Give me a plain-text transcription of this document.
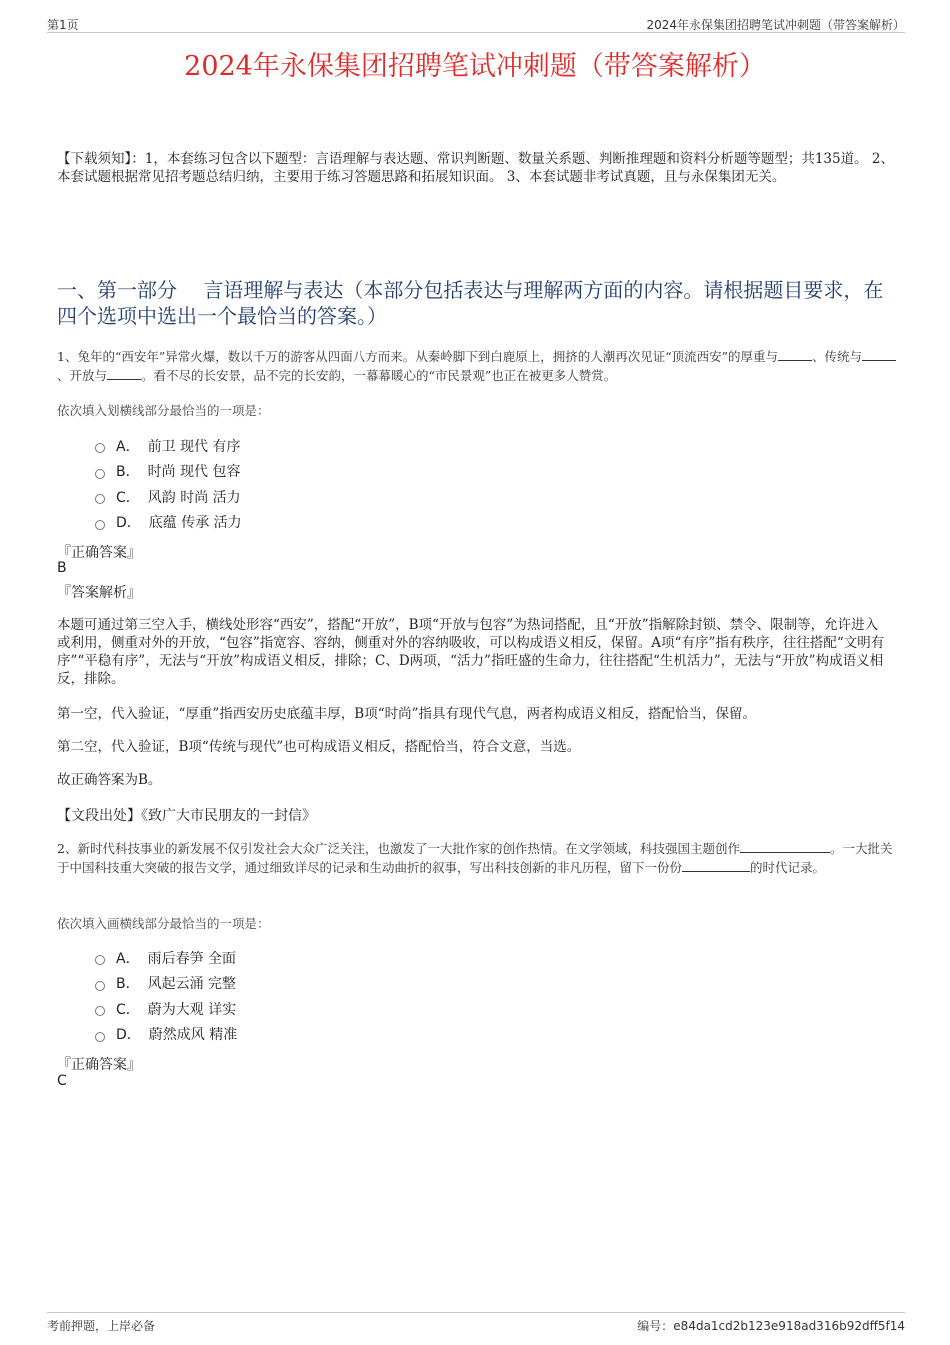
第1页	2024年永保集团招聘笔试冲刺题（带答案解析）
2024年永保集团招聘笔试冲刺题（带答案解析）
【下载须知】：1，本套练习包含以下题型：言语理解与表达题、常识判断题、数量关系题、判断推理题和资料分析题等题型；共135道。 2、本套试题根据常见招考题总结归纳，主要用于练习答题思路和拓展知识面。 3、本套试题非考试真题，且与永保集团无关。
一、第一部分　 言语理解与表达（本部分包括表达与理解两方面的内容。请根据题目要求，在四个选项中选出一个最恰当的答案。）
1、兔年的“西安年”异常火爆，数以千万的游客从四面八方而来。从秦岭脚下到白鹿原上，拥挤的人潮再次见证“顶流西安”的厚重与	、传统与、开放与	。看不尽的长安景，品不完的长安韵，一幕幕暖心的“市民景观”也正在被更多人赞赏。
依次填入划横线部分最恰当的一项是：
A． 前卫 现代 有序
B． 时尚 现代 包容
C． 风韵 时尚 活力
D． 底蕴 传承 活力
『正确答案』
B
『答案解析』

本题可通过第三空入手，横线处形容“西安”，搭配“开放”，B项“开放与包容”为热词搭配，且“开放”指解除封锁、禁令、限制等，允许进入或利用，侧重对外的开放，“包容”指宽容、容纳，侧重对外的容纳吸收，可以构成语义相反，保留。A项“有序”指有秩序，往往搭配“文明有序”“平稳有序”，无法与“开放”构成语义相反，排除；C、D两项，“活力”指旺盛的生命力，往往搭配“生机活力”，无法与“开放”构成语义相反，排除。

第一空，代入验证，“厚重”指西安历史底蕴丰厚，B项“时尚”指具有现代气息，两者构成语义相反，搭配恰当，保留。

第二空，代入验证，B项“传统与现代”也可构成语义相反，搭配恰当，符合文意，当选。

故正确答案为B。

【文段出处】《致广大市民朋友的一封信》
2、新时代科技事业的新发展不仅引发社会大众广泛关注，也激发了一大批作家的创作热情。在文学领域，科技强国主题创作	。一大批关于中国科技重大突破的报告文学，通过细致详尽的记录和生动曲折的叙事，写出科技创新的非凡历程，留下一份份	的时代记录。
依次填入画横线部分最恰当的一项是：
A． 雨后春笋 全面
B． 风起云涌 完整
C． 蔚为大观 详实
D． 蔚然成风 精准
『正确答案』
C
考前押题，上岸必备	编号：e84da1cd2b123e918ad316b92dff5f14
